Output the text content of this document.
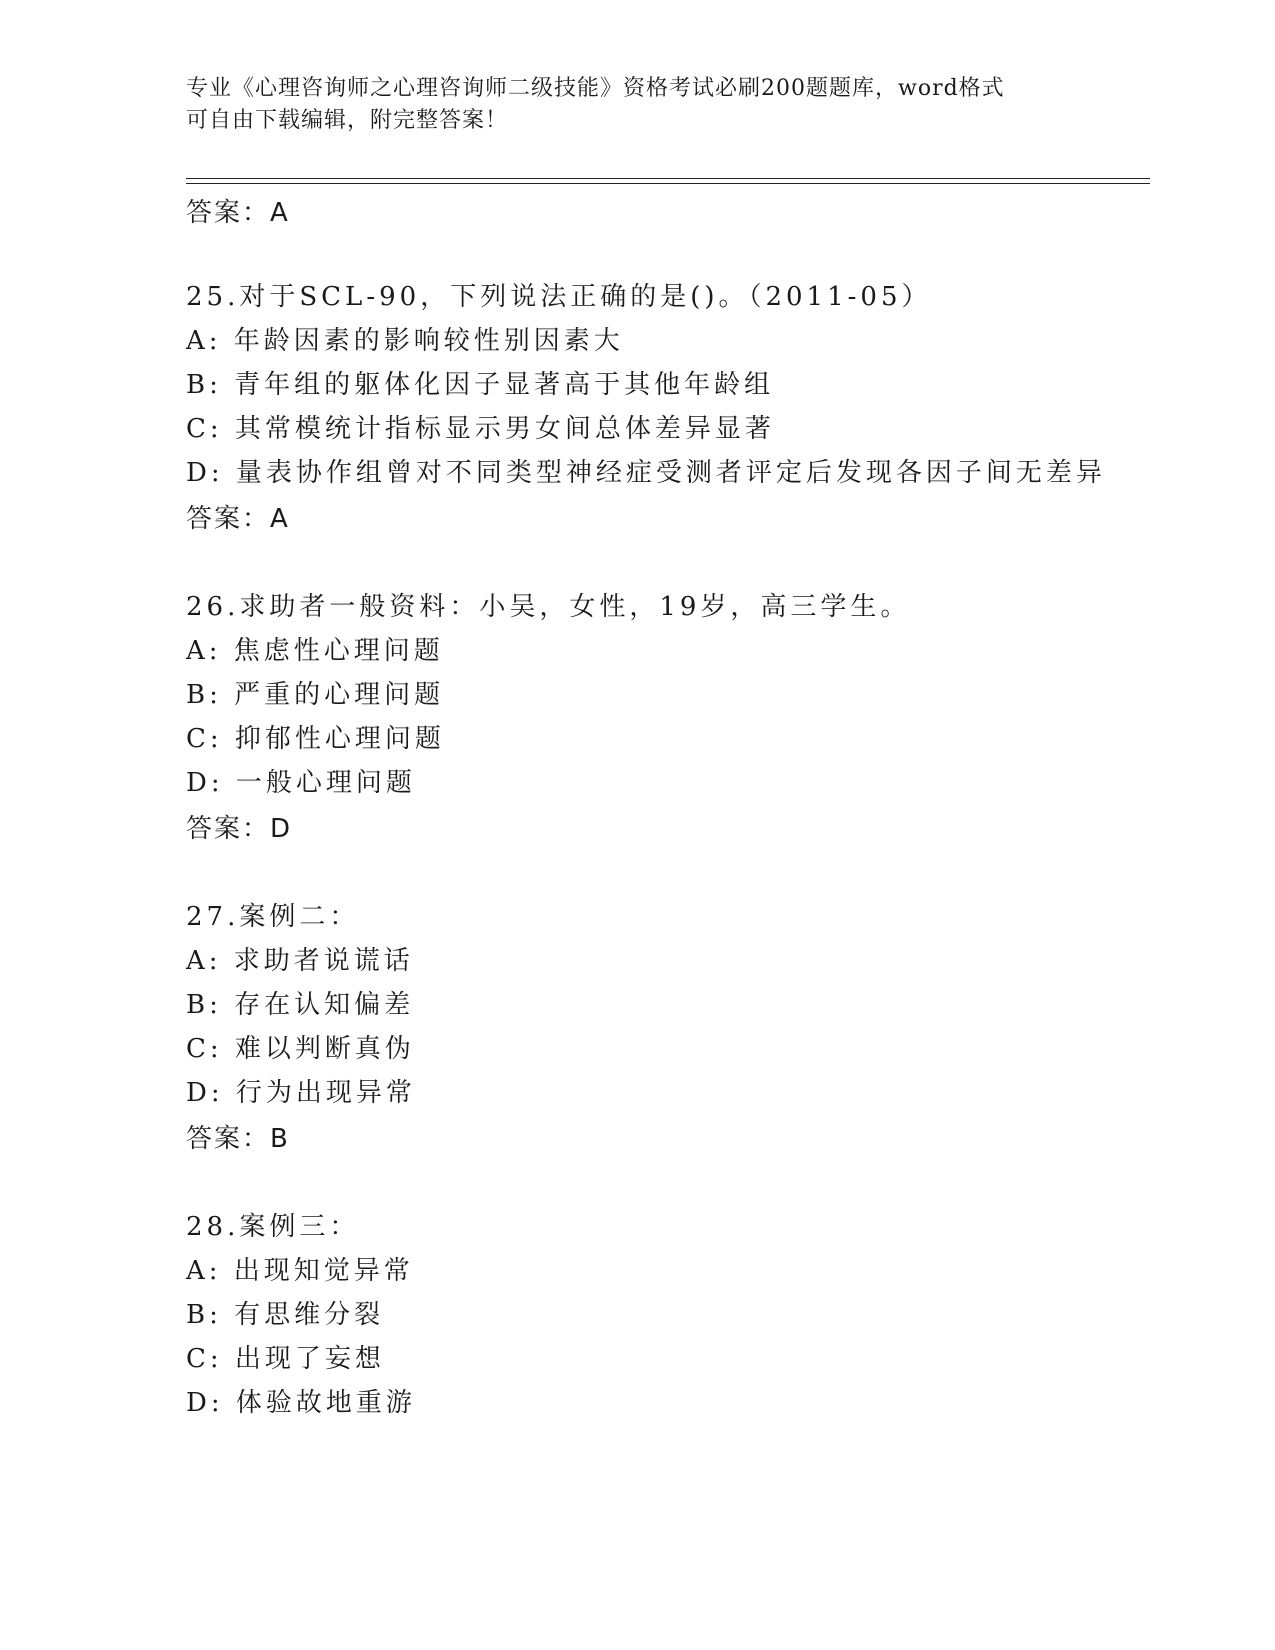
专业《心理咨询师之心理咨询师二级技能》资格考试必刷200题题库，word格式
可自由下载编辑，附完整答案！
答案：A
25.对于SCL-90，下列说法正确的是()。（2011-05）
A: 年龄因素的影响较性别因素大
B: 青年组的躯体化因子显著高于其他年龄组
C: 其常模统计指标显示男女间总体差异显著
D: 量表协作组曾对不同类型神经症受测者评定后发现各因子间无差异
答案：A
26.求助者一般资料：小吴，女性，19岁，高三学生。
A: 焦虑性心理问题
B: 严重的心理问题
C: 抑郁性心理问题
D: 一般心理问题
答案：D
27.案例二：
A: 求助者说谎话
B: 存在认知偏差
C: 难以判断真伪
D: 行为出现异常
答案：B
28.案例三：
A: 出现知觉异常
B: 有思维分裂
C: 出现了妄想
D: 体验故地重游
